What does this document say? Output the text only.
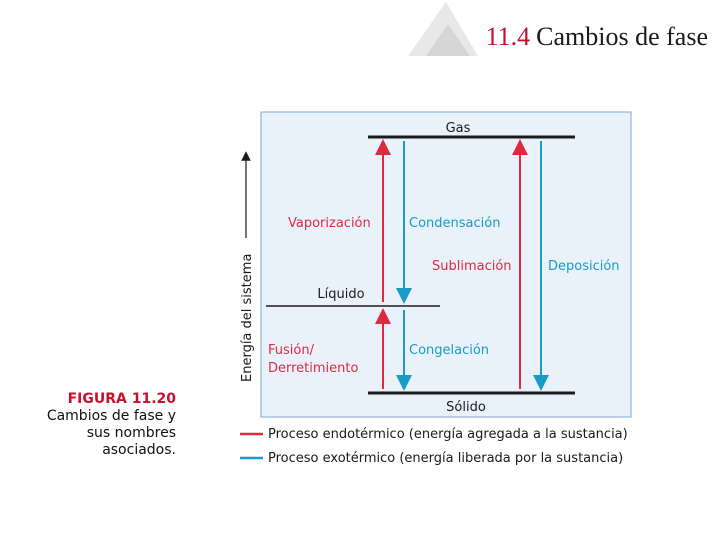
11.4 Cambios de fase
Energía del sistema
Gas
Líquido
Sólido
Vaporización	Condensación
Sublimación	Deposición
Fusión/
Derretimiento
Congelación
Proceso endotérmico (energía agregada a la sustancia)
Proceso exotérmico (energía liberada por la sustancia)
FIGURA 11.20
Cambios de fase y sus nombres asociados.
